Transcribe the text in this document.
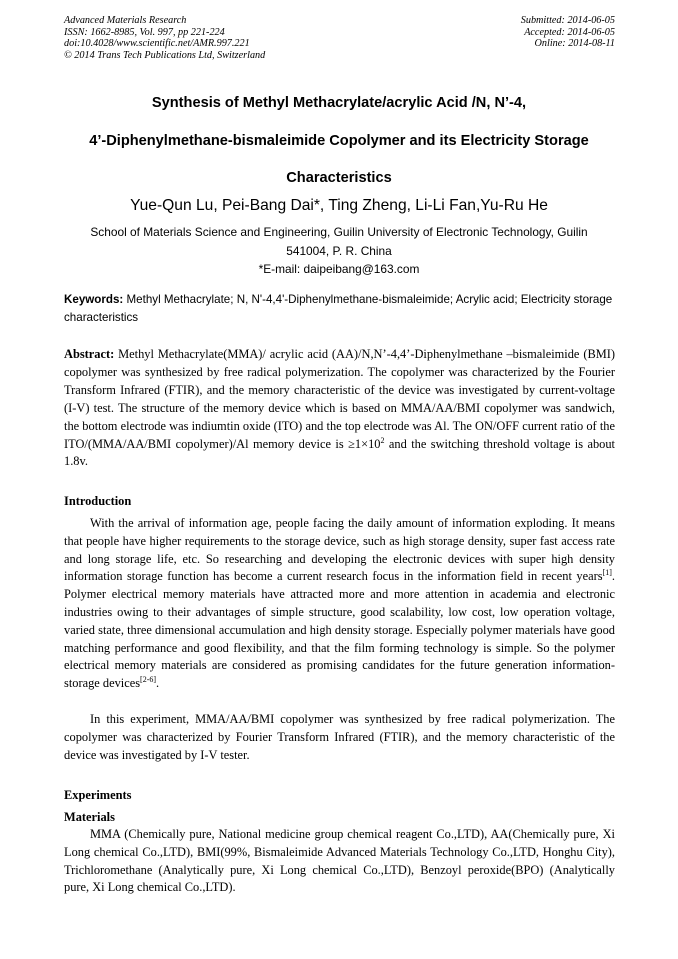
Advanced Materials Research
ISSN: 1662-8985, Vol. 997, pp 221-224
doi:10.4028/www.scientific.net/AMR.997.221
© 2014 Trans Tech Publications Ltd, Switzerland
Submitted: 2014-06-05
Accepted: 2014-06-05
Online: 2014-08-11
Synthesis of Methyl Methacrylate/acrylic Acid /N, N’-4,
4’-Diphenylmethane-bismaleimide Copolymer and its Electricity Storage
Characteristics
Yue-Qun Lu, Pei-Bang Dai*, Ting Zheng, Li-Li Fan,Yu-Ru He
School of Materials Science and Engineering, Guilin University of Electronic Technology, Guilin
541004, P. R. China
*E-mail: daipeibang@163.com
Keywords: Methyl Methacrylate; N, N'-4,4'-Diphenylmethane-bismaleimide; Acrylic acid; Electricity storage characteristics
Abstract: Methyl Methacrylate(MMA)/ acrylic acid (AA)/N,N’-4,4’-Diphenylmethane –bismaleimide (BMI) copolymer was synthesized by free radical polymerization. The copolymer was characterized by the Fourier Transform Infrared (FTIR), and the memory characteristic of the device was investigated by current-voltage (I-V) test. The structure of the memory device which is based on MMA/AA/BMI copolymer was sandwich, the bottom electrode was indiumtin oxide (ITO) and the top electrode was Al. The ON/OFF current ratio of the ITO/(MMA/AA/BMI copolymer)/Al memory device is $\ge 1\times 10^2$ and the switching threshold voltage is about 1.8v.
Introduction

With the arrival of information age, people facing the daily amount of information exploding. It means that people have higher requirements to the storage device, such as high storage density, super fast access rate and long storage life, etc. So researching and developing the electronic devices with super high density information storage function has become a current research focus in the information field in recent years[1]. Polymer electrical memory materials have attracted more and more attention in academia and electronic industries owing to their advantages of simple structure, good scalability, low cost, low operation voltage, varied state, three dimensional accumulation and high density storage. Especially polymer materials have good matching performance and good flexibility, and that the film forming technology is simple. So the polymer electrical memory materials are considered as promising candidates for the future generation information-storage devices[2-6].

In this experiment, MMA/AA/BMI copolymer was synthesized by free radical polymerization. The copolymer was characterized by Fourier Transform Infrared (FTIR), and the memory characteristic of the device was investigated by I-V tester.

Experiments
Materials

MMA (Chemically pure, National medicine group chemical reagent Co.,LTD), AA(Chemically pure, Xi Long chemical Co.,LTD), BMI(99%, Bismaleimide Advanced Materials Technology Co.,LTD, Honghu City), Trichloromethane (Analytically pure, Xi Long chemical Co.,LTD), Benzoyl peroxide(BPO) (Analytically pure, Xi Long chemical Co.,LTD).
